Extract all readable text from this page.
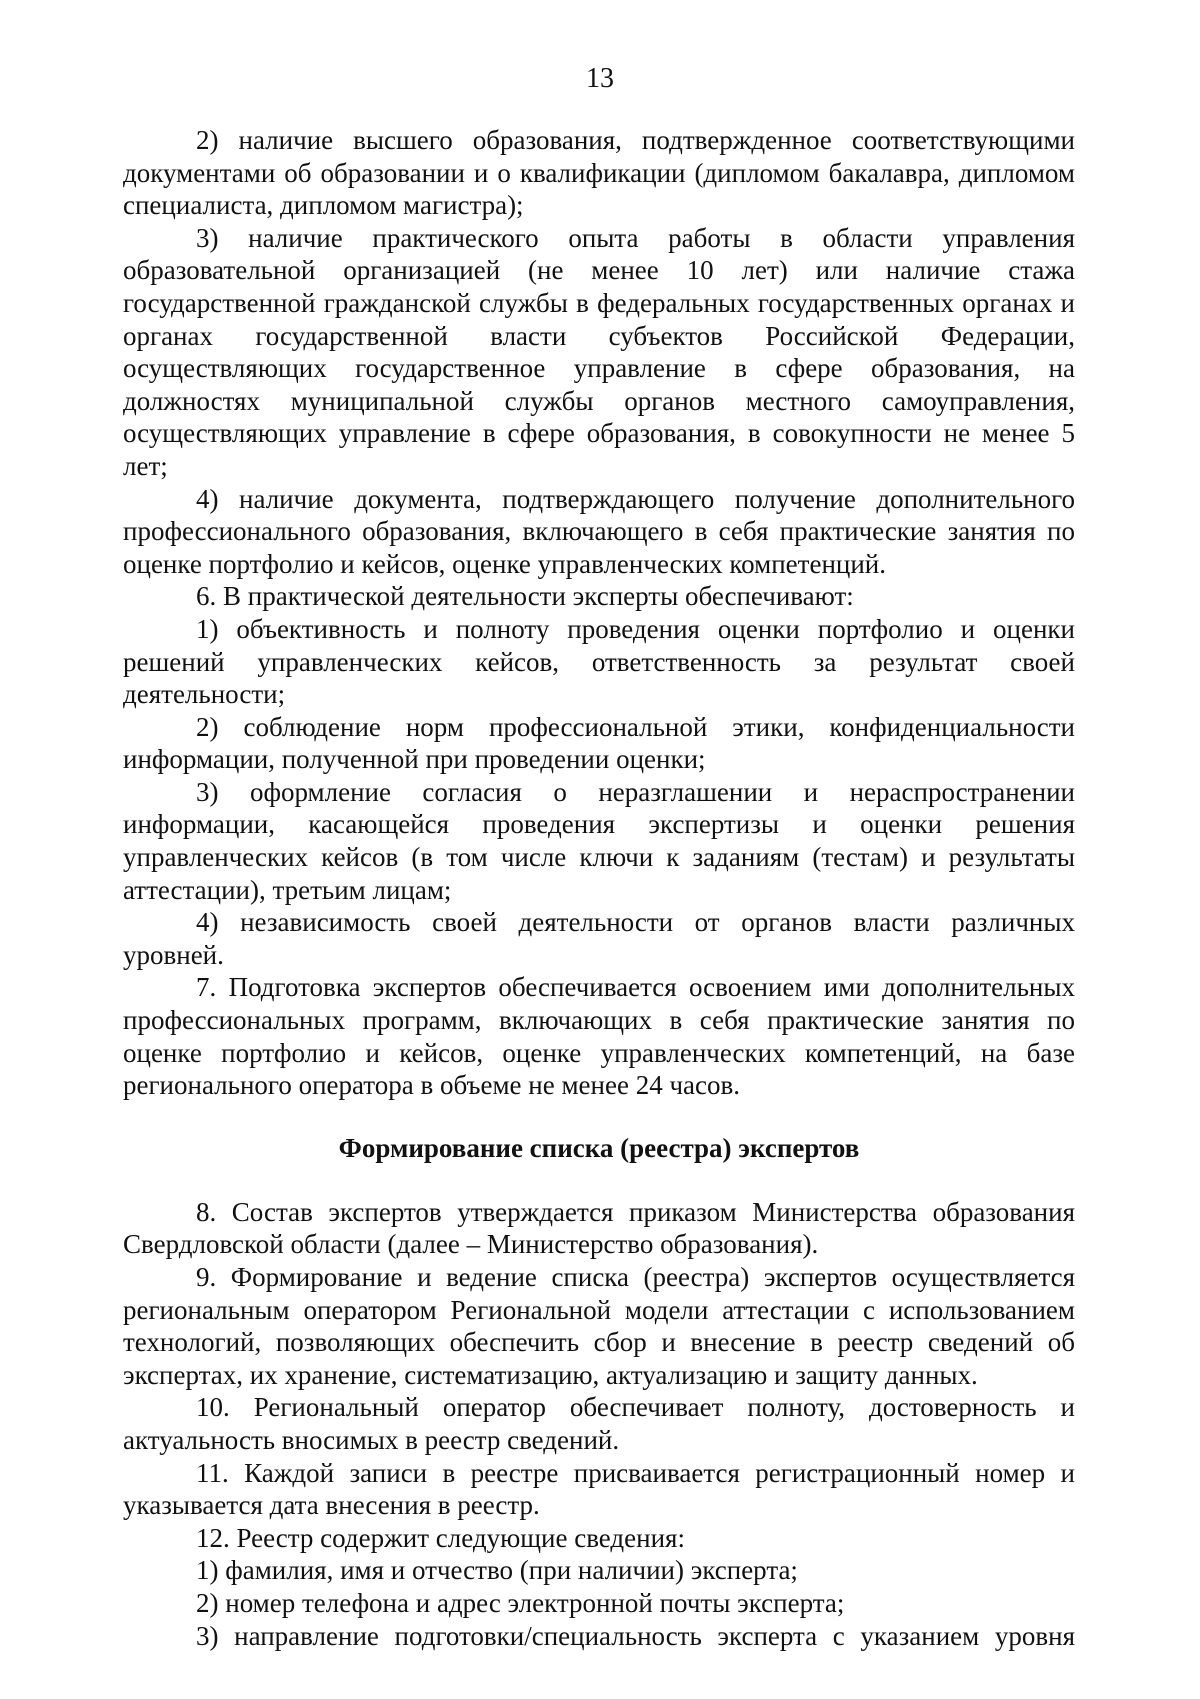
13

2) наличие высшего образования, подтвержденное соответствующими документами об образовании и о квалификации (дипломом бакалавра, дипломом специалиста, дипломом магистра);

3) наличие практического опыта работы в области управления образовательной организацией (не менее 10 лет) или наличие стажа государственной гражданской службы в федеральных государственных органах и органах государственной власти субъектов Российской Федерации, осуществляющих государственное управление в сфере образования, на должностях муниципальной службы органов местного самоуправления, осуществляющих управление в сфере образования, в совокупности не менее 5 лет;

4) наличие документа, подтверждающего получение дополнительного профессионального образования, включающего в себя практические занятия по оценке портфолио и кейсов, оценке управленческих компетенций.

6. В практической деятельности эксперты обеспечивают:

1) объективность и полноту проведения оценки портфолио и оценки решений управленческих кейсов, ответственность за результат своей деятельности;

2) соблюдение норм профессиональной этики, конфиденциальности информации, полученной при проведении оценки;

3) оформление согласия о неразглашении и нераспространении информации, касающейся проведения экспертизы и оценки решения управленческих кейсов (в том числе ключи к заданиям (тестам) и результаты аттестации), третьим лицам;

4) независимость своей деятельности от органов власти различных уровней.

7. Подготовка экспертов обеспечивается освоением ими дополнительных профессиональных программ, включающих в себя практические занятия по оценке портфолио и кейсов, оценке управленческих компетенций, на базе регионального оператора в объеме не менее 24 часов.

Формирование списка (реестра) экспертов

8. Состав экспертов утверждается приказом Министерства образования Свердловской области (далее – Министерство образования).

9. Формирование и ведение списка (реестра) экспертов осуществляется региональным оператором Региональной модели аттестации с использованием технологий, позволяющих обеспечить сбор и внесение в реестр сведений об экспертах, их хранение, систематизацию, актуализацию и защиту данных.

10. Региональный оператор обеспечивает полноту, достоверность и актуальность вносимых в реестр сведений.

11. Каждой записи в реестре присваивается регистрационный номер и указывается дата внесения в реестр.

12. Реестр содержит следующие сведения:

1) фамилия, имя и отчество (при наличии) эксперта;

2) номер телефона и адрес электронной почты эксперта;

3) направление подготовки/специальность эксперта с указанием уровня
